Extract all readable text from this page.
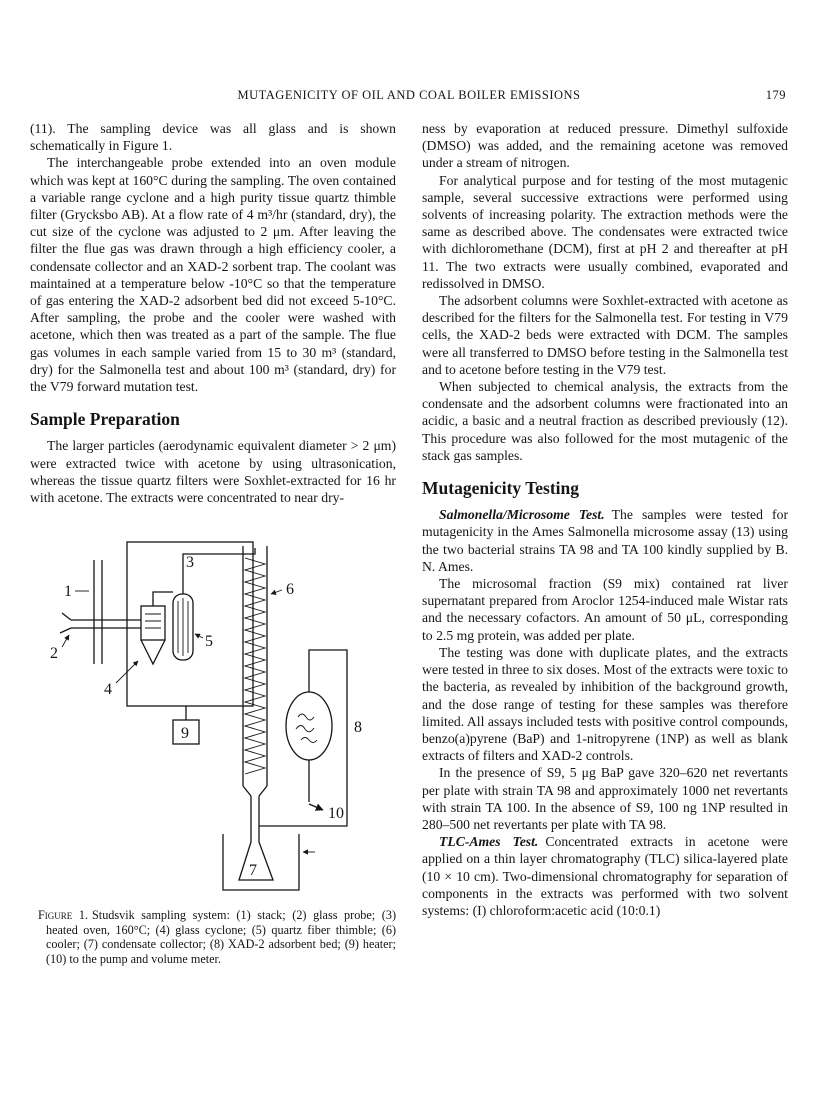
MUTAGENICITY OF OIL AND COAL BOILER EMISSIONS	179

(11). The sampling device was all glass and is shown schematically in Figure 1.

The interchangeable probe extended into an oven module which was kept at 160°C during the sampling. The oven contained a variable range cyclone and a high purity tissue quartz thimble filter (Grycksbo AB). At a flow rate of 4 m³/hr (standard, dry), the cut size of the cyclone was adjusted to 2 μm. After leaving the filter the flue gas was drawn through a high efficiency cooler, a condensate collector and an XAD-2 sorbent trap. The coolant was maintained at a temperature below -10°C so that the temperature of gas entering the XAD-2 adsorbent bed did not exceed 5-10°C. After sampling, the probe and the cooler were washed with acetone, which then was treated as a part of the sample. The flue gas volumes in each sample varied from 15 to 30 m³ (standard, dry) for the Salmonella test and about 100 m³ (standard, dry) for the V79 forward mutation test.

Sample Preparation

The larger particles (aerodynamic equivalent diameter > 2 μm) were extracted twice with acetone by using ultrasonication, whereas the tissue quartz filters were Soxhlet-extracted for 16 hr with acetone. The extracts were concentrated to near dry-

1
2
3
4
5
6
7
8
9
10

Figure 1. Studsvik sampling system: (1) stack; (2) glass probe; (3) heated oven, 160°C; (4) glass cyclone; (5) quartz fiber thimble; (6) cooler; (7) condensate collector; (8) XAD-2 adsorbent bed; (9) heater; (10) to the pump and volume meter.

ness by evaporation at reduced pressure. Dimethyl sulfoxide (DMSO) was added, and the remaining acetone was removed under a stream of nitrogen.

For analytical purpose and for testing of the most mutagenic sample, several successive extractions were performed using solvents of increasing polarity. The extraction methods were the same as described above. The condensates were extracted twice with dichloromethane (DCM), first at pH 2 and thereafter at pH 11. The two extracts were usually combined, evaporated and redissolved in DMSO.

The adsorbent columns were Soxhlet-extracted with acetone as described for the filters for the Salmonella test. For testing in V79 cells, the XAD-2 beds were extracted with DCM. The samples were all transferred to DMSO before testing in the Salmonella test and to acetone before testing in the V79 test.

When subjected to chemical analysis, the extracts from the condensate and the adsorbent columns were fractionated into an acidic, a basic and a neutral fraction as described previously (12). This procedure was also followed for the most mutagenic of the stack gas samples.

Mutagenicity Testing

Salmonella/Microsome Test. The samples were tested for mutagenicity in the Ames Salmonella microsome assay (13) using the two bacterial strains TA 98 and TA 100 kindly supplied by B. N. Ames.

The microsomal fraction (S9 mix) contained rat liver supernatant prepared from Aroclor 1254-induced male Wistar rats and the necessary cofactors. An amount of 50 μL, corresponding to 2.5 mg protein, was added per plate.

The testing was done with duplicate plates, and the extracts were tested in three to six doses. Most of the extracts were toxic to the bacteria, as revealed by inhibition of the background growth, and the dose range of testing for these samples was therefore limited. All assays included tests with positive control compounds, benzo(a)pyrene (BaP) and 1-nitropyrene (1NP) as well as blank extracts of filters and XAD-2 controls.

In the presence of S9, 5 μg BaP gave 320–620 net revertants per plate with strain TA 98 and approximately 1000 net revertants with strain TA 100. In the absence of S9, 100 ng 1NP resulted in 280–500 net revertants per plate with TA 98.

TLC-Ames Test. Concentrated extracts in acetone were applied on a thin layer chromatography (TLC) silica-layered plate (10 × 10 cm). Two-dimensional chromatography for separation of components in the extracts was performed with two solvent systems: (I) chloroform:acetic acid (10:0.1)
